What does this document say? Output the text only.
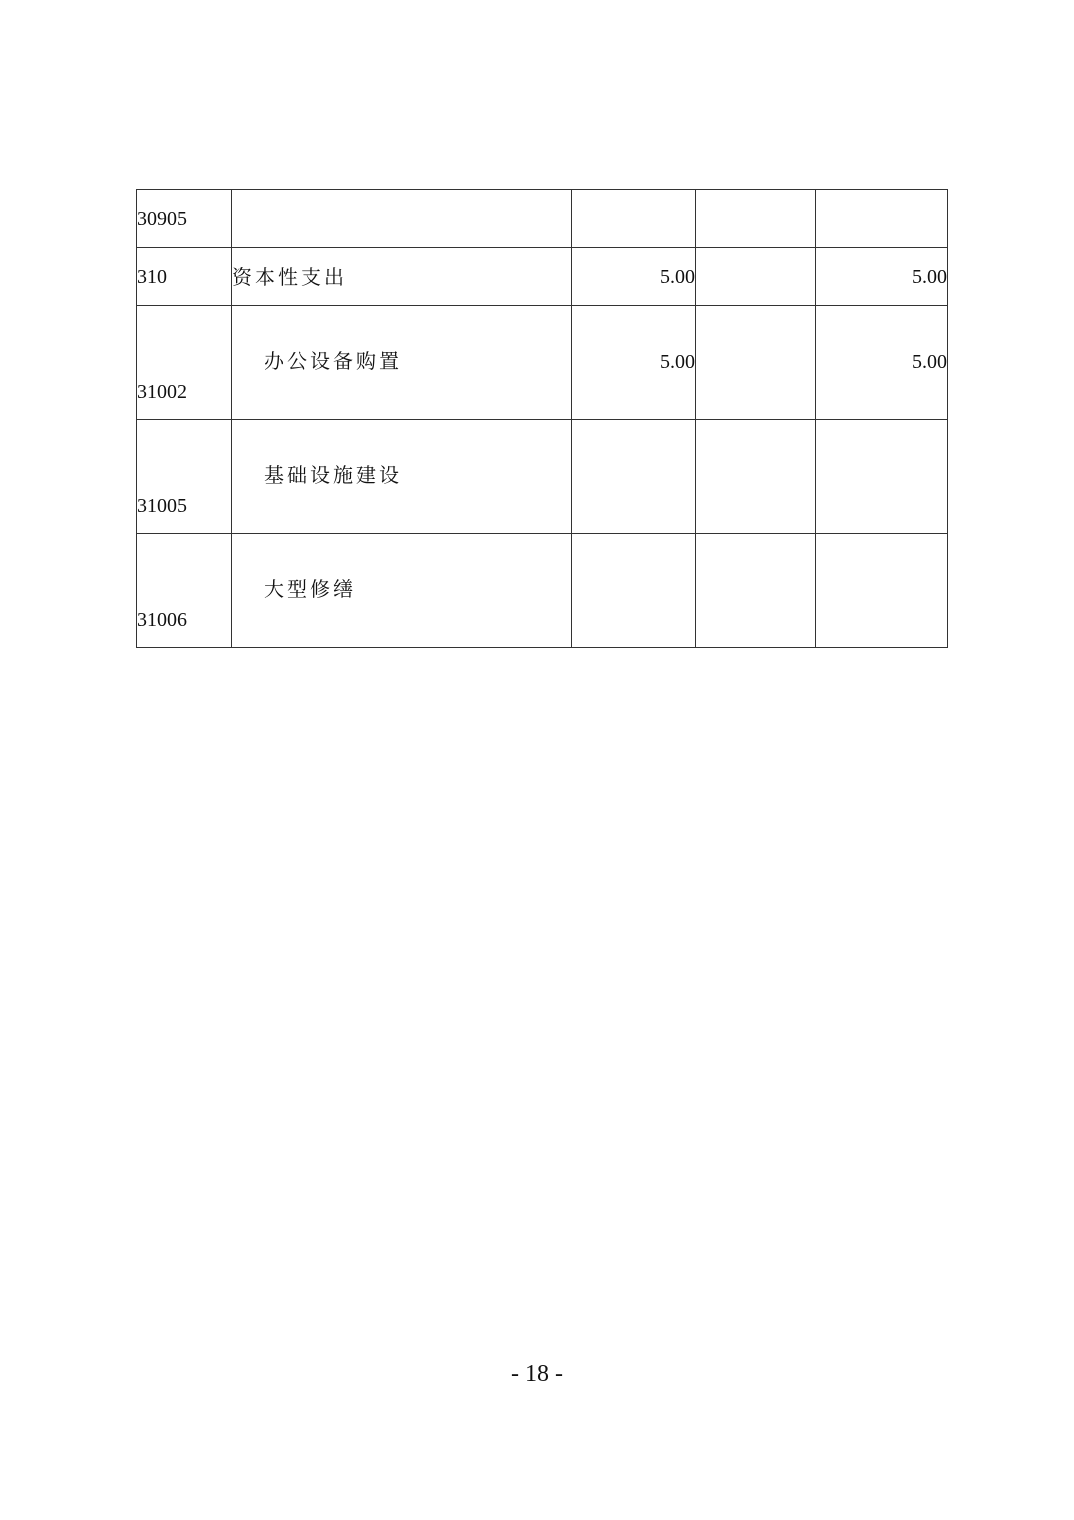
30905				
310	资本性支出	5.00		5.00
31002	办公设备购置	5.00		5.00
31005	基础设施建设			
31006	大型修缮			
- 18 -
